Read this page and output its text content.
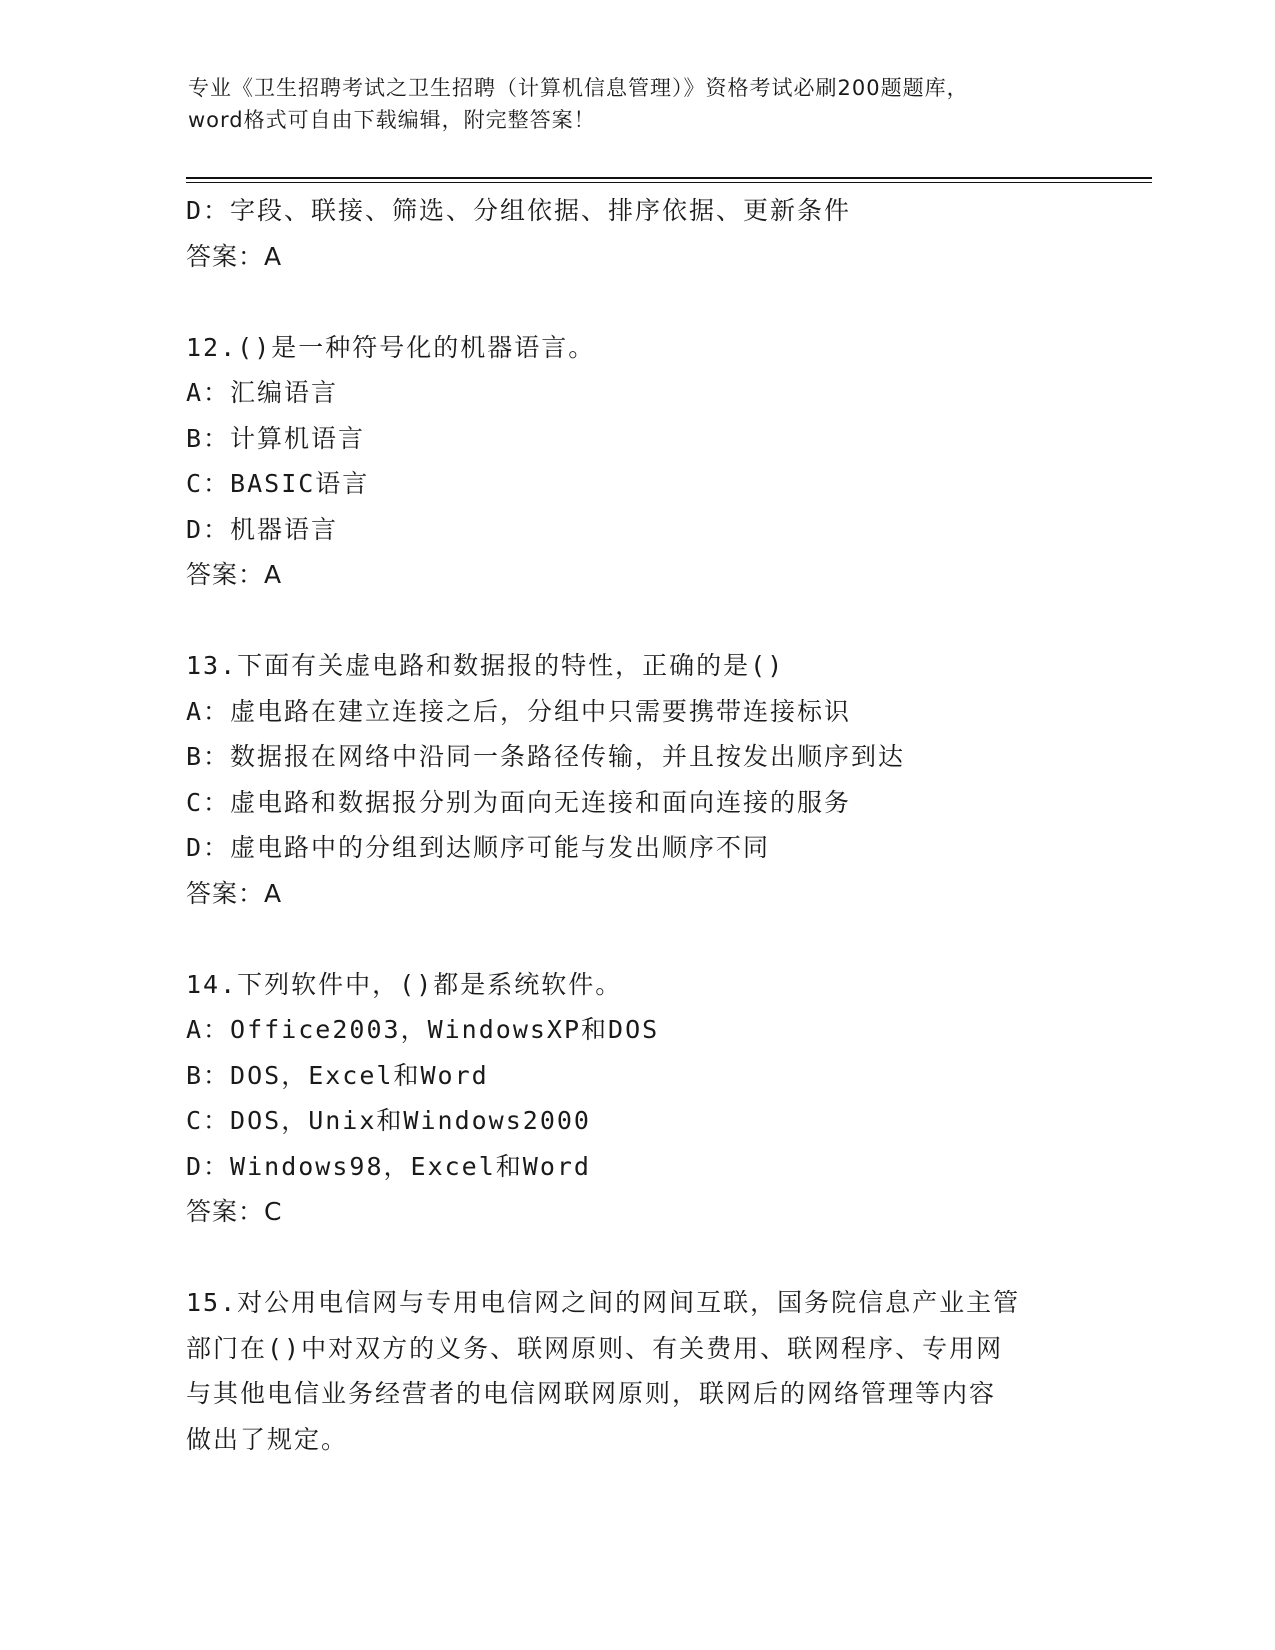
专业《卫生招聘考试之卫生招聘（计算机信息管理）》资格考试必刷200题题库，
word格式可自由下载编辑，附完整答案！
D：字段、联接、筛选、分组依据、排序依据、更新条件
答案：A
12.()是一种符号化的机器语言。
A：汇编语言
B：计算机语言
C：BASIC语言
D：机器语言
答案：A
13.下面有关虚电路和数据报的特性，正确的是()
A：虚电路在建立连接之后，分组中只需要携带连接标识
B：数据报在网络中沿同一条路径传输，并且按发出顺序到达
C：虚电路和数据报分别为面向无连接和面向连接的服务
D：虚电路中的分组到达顺序可能与发出顺序不同
答案：A
14.下列软件中，()都是系统软件。
A：Office2003，WindowsXP和DOS
B：DOS，Excel和Word
C：DOS，Unix和Windows2000
D：Windows98，Excel和Word
答案：C
15.对公用电信网与专用电信网之间的网间互联，国务院信息产业主管
部门在()中对双方的义务、联网原则、有关费用、联网程序、专用网
与其他电信业务经营者的电信网联网原则，联网后的网络管理等内容
做出了规定。
